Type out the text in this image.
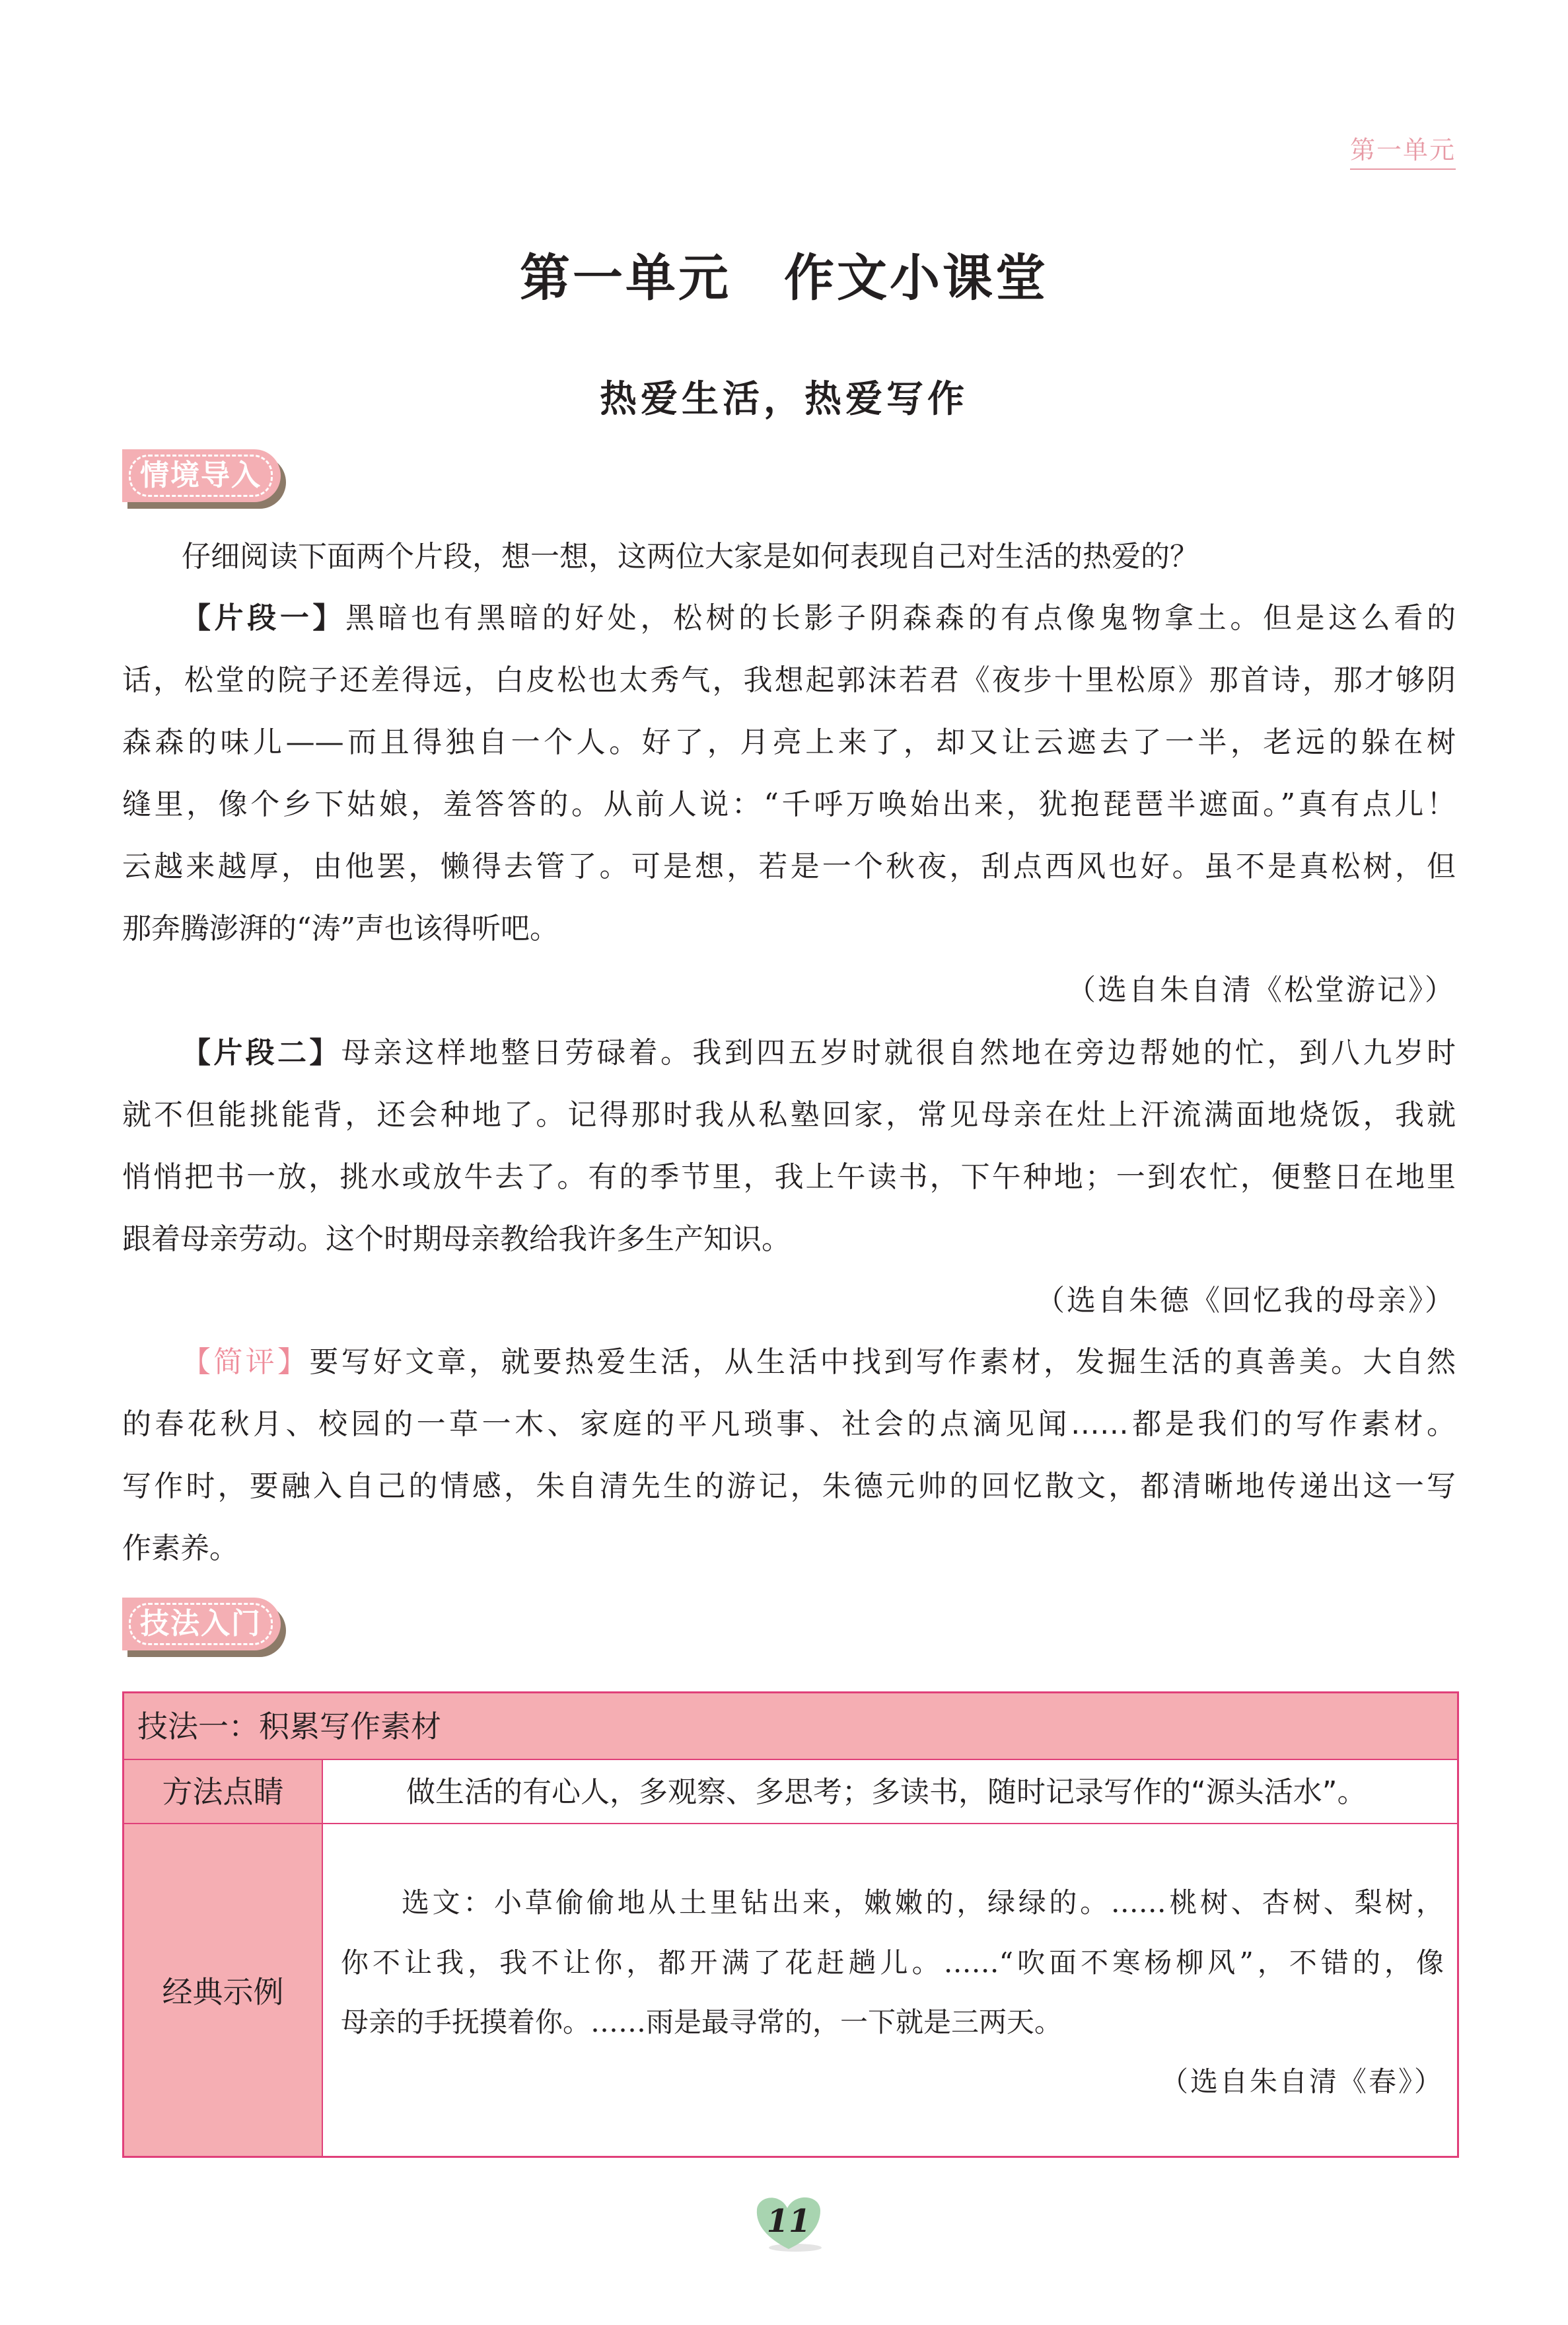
第一单元
第一单元　作文小课堂
热爱生活，热爱写作
情境导入
仔细阅读下面两个片段，想一想，这两位大家是如何表现自己对生活的热爱的？
【片段一】黑暗也有黑暗的好处，松树的长影子阴森森的有点像鬼物拿土。但是这么看的
话，松堂的院子还差得远，白皮松也太秀气，我想起郭沫若君《夜步十里松原》那首诗，那才够阴
森森的味儿——而且得独自一个人。好了，月亮上来了，却又让云遮去了一半，老远的躲在树
缝里，像个乡下姑娘，羞答答的。从前人说：“千呼万唤始出来，犹抱琵琶半遮面。”真有点儿！
云越来越厚，由他罢，懒得去管了。可是想，若是一个秋夜，刮点西风也好。虽不是真松树，但
那奔腾澎湃的“涛”声也该得听吧。
（选自朱自清《松堂游记》）
【片段二】母亲这样地整日劳碌着。我到四五岁时就很自然地在旁边帮她的忙，到八九岁时
就不但能挑能背，还会种地了。记得那时我从私塾回家，常见母亲在灶上汗流满面地烧饭，我就
悄悄把书一放，挑水或放牛去了。有的季节里，我上午读书，下午种地；一到农忙，便整日在地里
跟着母亲劳动。这个时期母亲教给我许多生产知识。
（选自朱德《回忆我的母亲》）
【简评】要写好文章，就要热爱生活，从生活中找到写作素材，发掘生活的真善美。大自然
的春花秋月、校园的一草一木、家庭的平凡琐事、社会的点滴见闻……都是我们的写作素材。
写作时，要融入自己的情感，朱自清先生的游记，朱德元帅的回忆散文，都清晰地传递出这一写
作素养。
技法入门
技法一：积累写作素材
方法点睛	做生活的有心人，多观察、多思考；多读书，随时记录写作的“源头活水”。
经典示例
选文：小草偷偷地从土里钻出来，嫩嫩的，绿绿的。……桃树、杏树、梨树，
你不让我，我不让你，都开满了花赶趟儿。……“吹面不寒杨柳风”，不错的，像
母亲的手抚摸着你。……雨是最寻常的，一下就是三两天。
（选自朱自清《春》）
11
